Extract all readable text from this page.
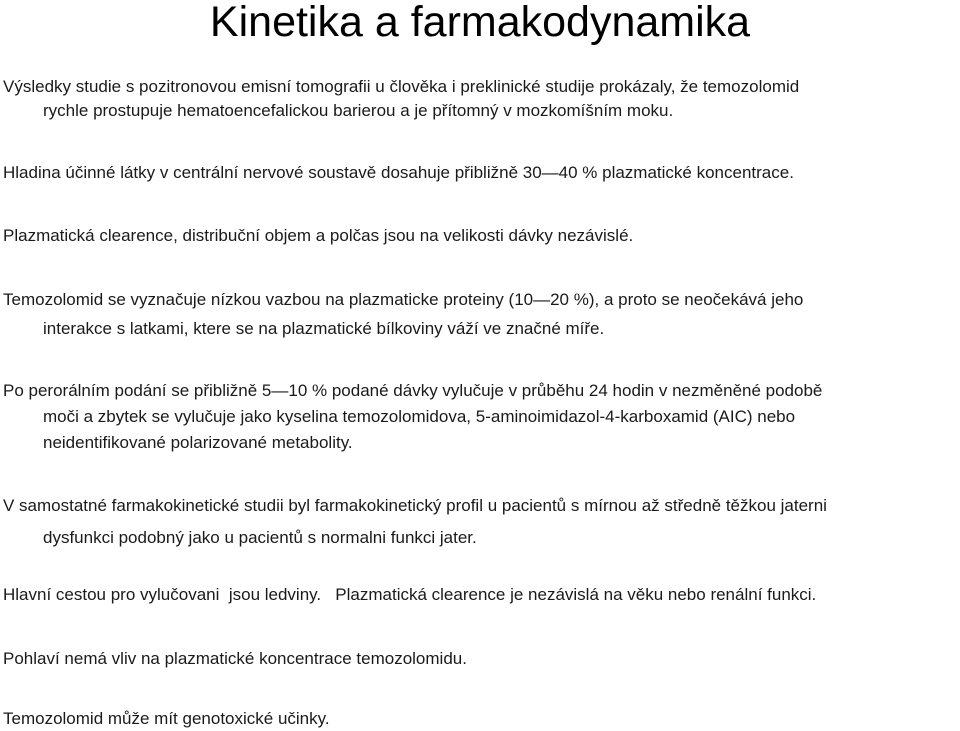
Kinetika a farmakodynamika

Výsledky studie s pozitronovou emisní tomografii u člověka i preklinické studije prokázaly, že temozolomid
rychle prostupuje hematoencefalickou barierou a je přítomný v mozkomíšním moku.

Hladina účinné látky v centrální nervové soustavě dosahuje přibližně 30—40 % plazmatické koncentrace.

Plazmatická clearence, distribuční objem a polčas jsou na velikosti dávky nezávislé.

Temozolomid se vyznačuje nízkou vazbou na plazmaticke proteiny (10—20 %), a proto se neočekává jeho
interakce s latkami, ktere se na plazmatické bílkoviny váží ve značné míře.

Po perorálním podání se přibližně 5—10 % podané dávky vylučuje v průběhu 24 hodin v nezměněné podobě
moči a zbytek se vylučuje jako kyselina temozolomidova, 5-aminoimidazol-4-karboxamid (AIC) nebo
neidentifikované polarizované metabolity.

V samostatné farmakokinetické studii byl farmakokinetický profil u pacientů s mírnou až středně těžkou jaterni
dysfunkci podobný jako u pacientů s normalni funkci jater.

Hlavní cestou pro vylučovani  jsou ledviny.   Plazmatická clearence je nezávislá na věku nebo renální funkci.

Pohlaví nemá vliv na plazmatické koncentrace temozolomidu.

Temozolomid může mít genotoxické učinky.
